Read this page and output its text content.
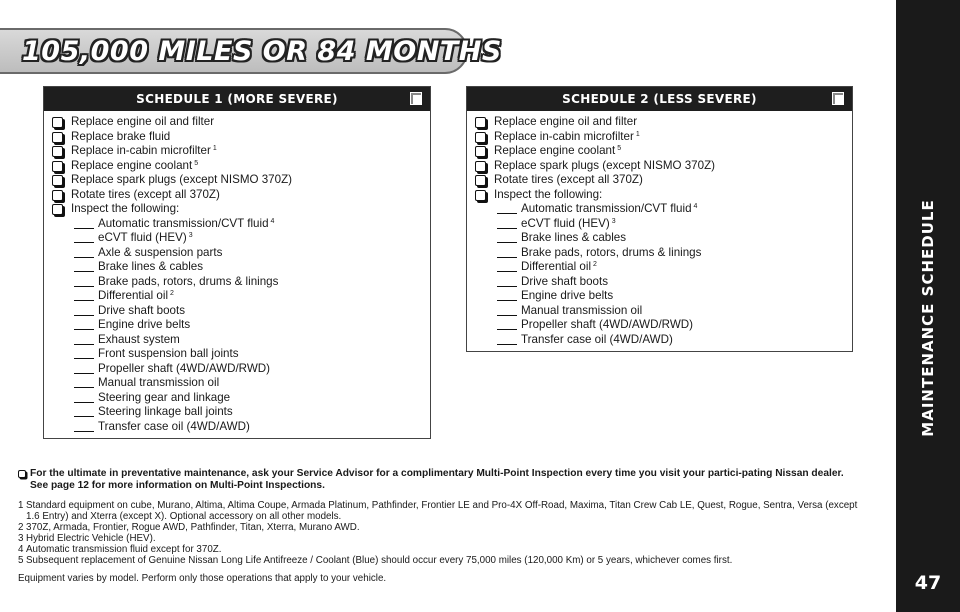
105,000 MILES OR 84 MONTHS
MAINTENANCE SCHEDULE
47
SCHEDULE 1 (MORE SEVERE)
Replace engine oil and filter
Replace brake fluid
Replace in-cabin microfilter $^1$
Replace engine coolant $^5$
Replace spark plugs (except NISMO 370Z)
Rotate tires (except all 370Z)
Inspect the following:
Automatic transmission/CVT fluid $^4$
eCVT fluid (HEV) $^3$
Axle & suspension parts
Brake lines & cables
Brake pads, rotors, drums & linings
Differential oil $^2$
Drive shaft boots
Engine drive belts
Exhaust system
Front suspension ball joints
Propeller shaft (4WD/AWD/RWD)
Manual transmission oil
Steering gear and linkage
Steering linkage ball joints
Transfer case oil (4WD/AWD)
SCHEDULE 2 (LESS SEVERE)
Replace engine oil and filter
Replace in-cabin microfilter $^1$
Replace engine coolant $^5$
Replace spark plugs (except NISMO 370Z)
Rotate tires (except all 370Z)
Inspect the following:
Automatic transmission/CVT fluid $^4$
eCVT fluid (HEV) $^3$
Brake lines & cables
Brake pads, rotors, drums & linings
Differential oil $^2$
Drive shaft boots
Engine drive belts
Manual transmission oil
Propeller shaft (4WD/AWD/RWD)
Transfer case oil (4WD/AWD)
For the ultimate in preventative maintenance, ask your Service Advisor for a complimentary Multi-Point Inspection every time you visit your partici-pating Nissan dealer. See page 12 for more information on Multi-Point Inspections.
1 Standard equipment on cube, Murano, Altima, Altima Coupe, Armada Platinum, Pathfinder, Frontier LE and Pro-4X Off-Road, Maxima, Titan Crew Cab LE, Quest, Rogue, Sentra, Versa (except 1.6 Entry) and Xterra (except X). Optional accessory on all other models.
2 370Z, Armada, Frontier, Rogue AWD, Pathfinder, Titan, Xterra, Murano AWD.
3 Hybrid Electric Vehicle (HEV).
4 Automatic transmission fluid except for 370Z.
5 Subsequent replacement of Genuine Nissan Long Life Antifreeze / Coolant (Blue) should occur every 75,000 miles (120,000 Km) or 5 years, whichever comes first.
Equipment varies by model. Perform only those operations that apply to your vehicle.
